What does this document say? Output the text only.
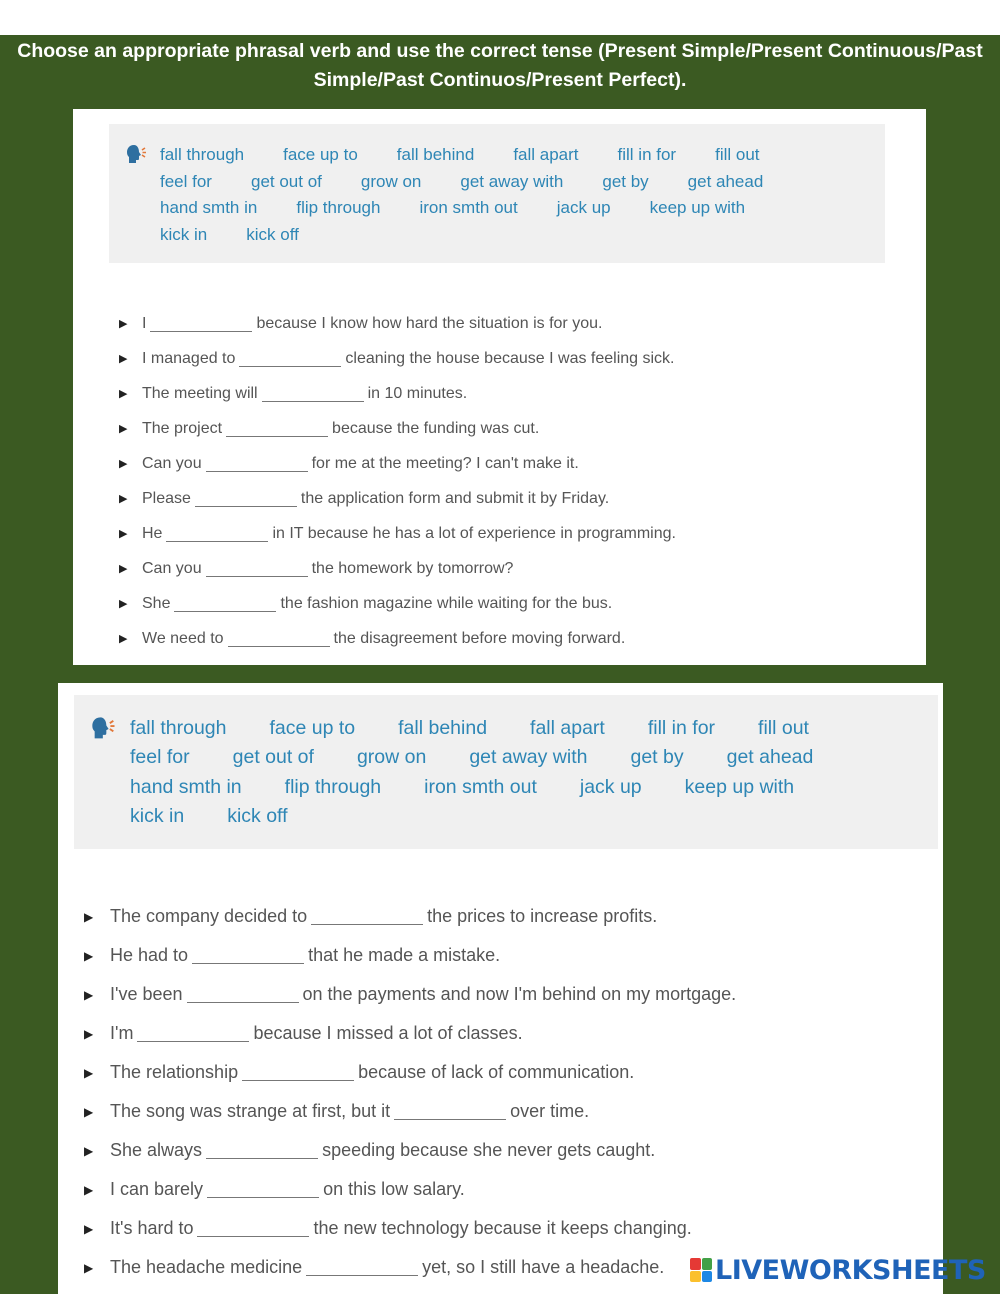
Choose an appropriate phrasal verb and use the correct tense (Present Simple/Present Continuous/Past
Simple/Past Continuos/Present Perfect).
fall through face up to fall behind fall apart fill in for fill out
feel for get out of grow on get away with get by get ahead
hand smth in flip through iron smth out jack up keep up with
kick in kick off
▶ I	because I know how hard the situation is for you.
▶ I managed to	cleaning the house because I was feeling sick.
▶ The meeting will	in 10 minutes.
▶ The project	because the funding was cut.
▶ Can you	for me at the meeting? I can't make it.
▶ Please	the application form and submit it by Friday.
▶ He	in IT because he has a lot of experience in programming.
▶ Can you	the homework by tomorrow?
▶ She	the fashion magazine while waiting for the bus.
▶ We need to	the disagreement before moving forward.
fall through face up to fall behind fall apart fill in for fill out
feel for get out of grow on get away with get by get ahead
hand smth in flip through iron smth out jack up keep up with
kick in kick off
▶ The company decided to	the prices to increase profits.
▶ He had to	that he made a mistake.
▶ I've been	on the payments and now I'm behind on my mortgage.
▶ I'm	because I missed a lot of classes.
▶ The relationship	because of lack of communication.
▶ The song was strange at first, but it	over time.
▶ She always	speeding because she never gets caught.
▶ I can barely	on this low salary.
▶ It's hard to	the new technology because it keeps changing.
▶ The headache medicine	yet, so I still have a headache. LIVEWORKSHEETS
